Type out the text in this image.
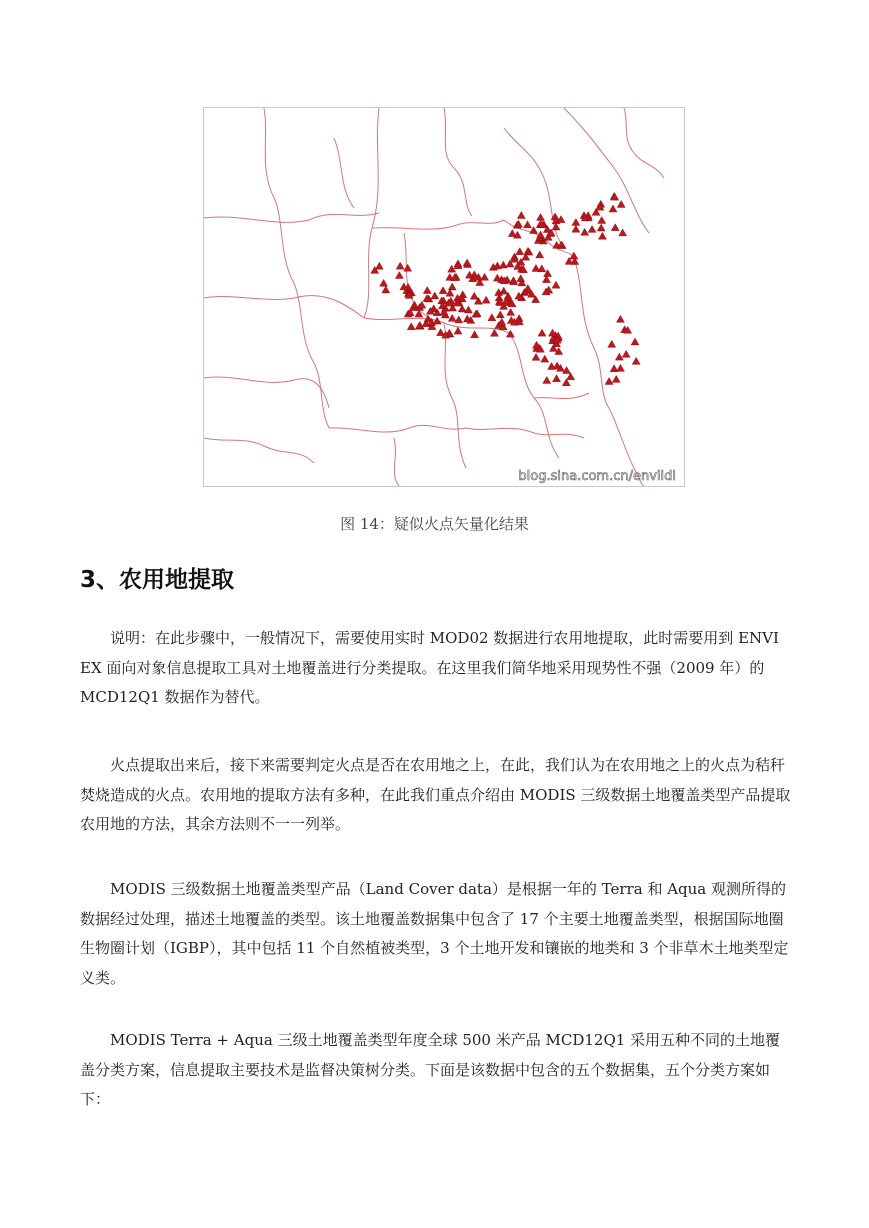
blog.sina.com.cn/enviidl
图 14：疑似火点矢量化结果
3、农用地提取

说明：在此步骤中，一般情况下，需要使用实时 MOD02 数据进行农用地提取，此时需要用到 ENVI EX 面向对象信息提取工具对土地覆盖进行分类提取。在这里我们简华地采用现势性不强（2009 年）的 MCD12Q1 数据作为替代。

火点提取出来后，接下来需要判定火点是否在农用地之上，在此，我们认为在农用地之上的火点为秸秆焚烧造成的火点。农用地的提取方法有多种，在此我们重点介绍由 MODIS 三级数据土地覆盖类型产品提取农用地的方法，其余方法则不一一列举。

MODIS 三级数据土地覆盖类型产品（Land Cover data）是根据一年的 Terra 和 Aqua 观测所得的数据经过处理，描述土地覆盖的类型。该土地覆盖数据集中包含了 17 个主要土地覆盖类型，根据国际地圈生物圈计划（IGBP），其中包括 11 个自然植被类型，3 个土地开发和镶嵌的地类和 3 个非草木土地类型定义类。

MODIS Terra + Aqua 三级土地覆盖类型年度全球 500 米产品 MCD12Q1 采用五种不同的土地覆盖分类方案，信息提取主要技术是监督决策树分类。下面是该数据中包含的五个数据集，五个分类方案如下：
